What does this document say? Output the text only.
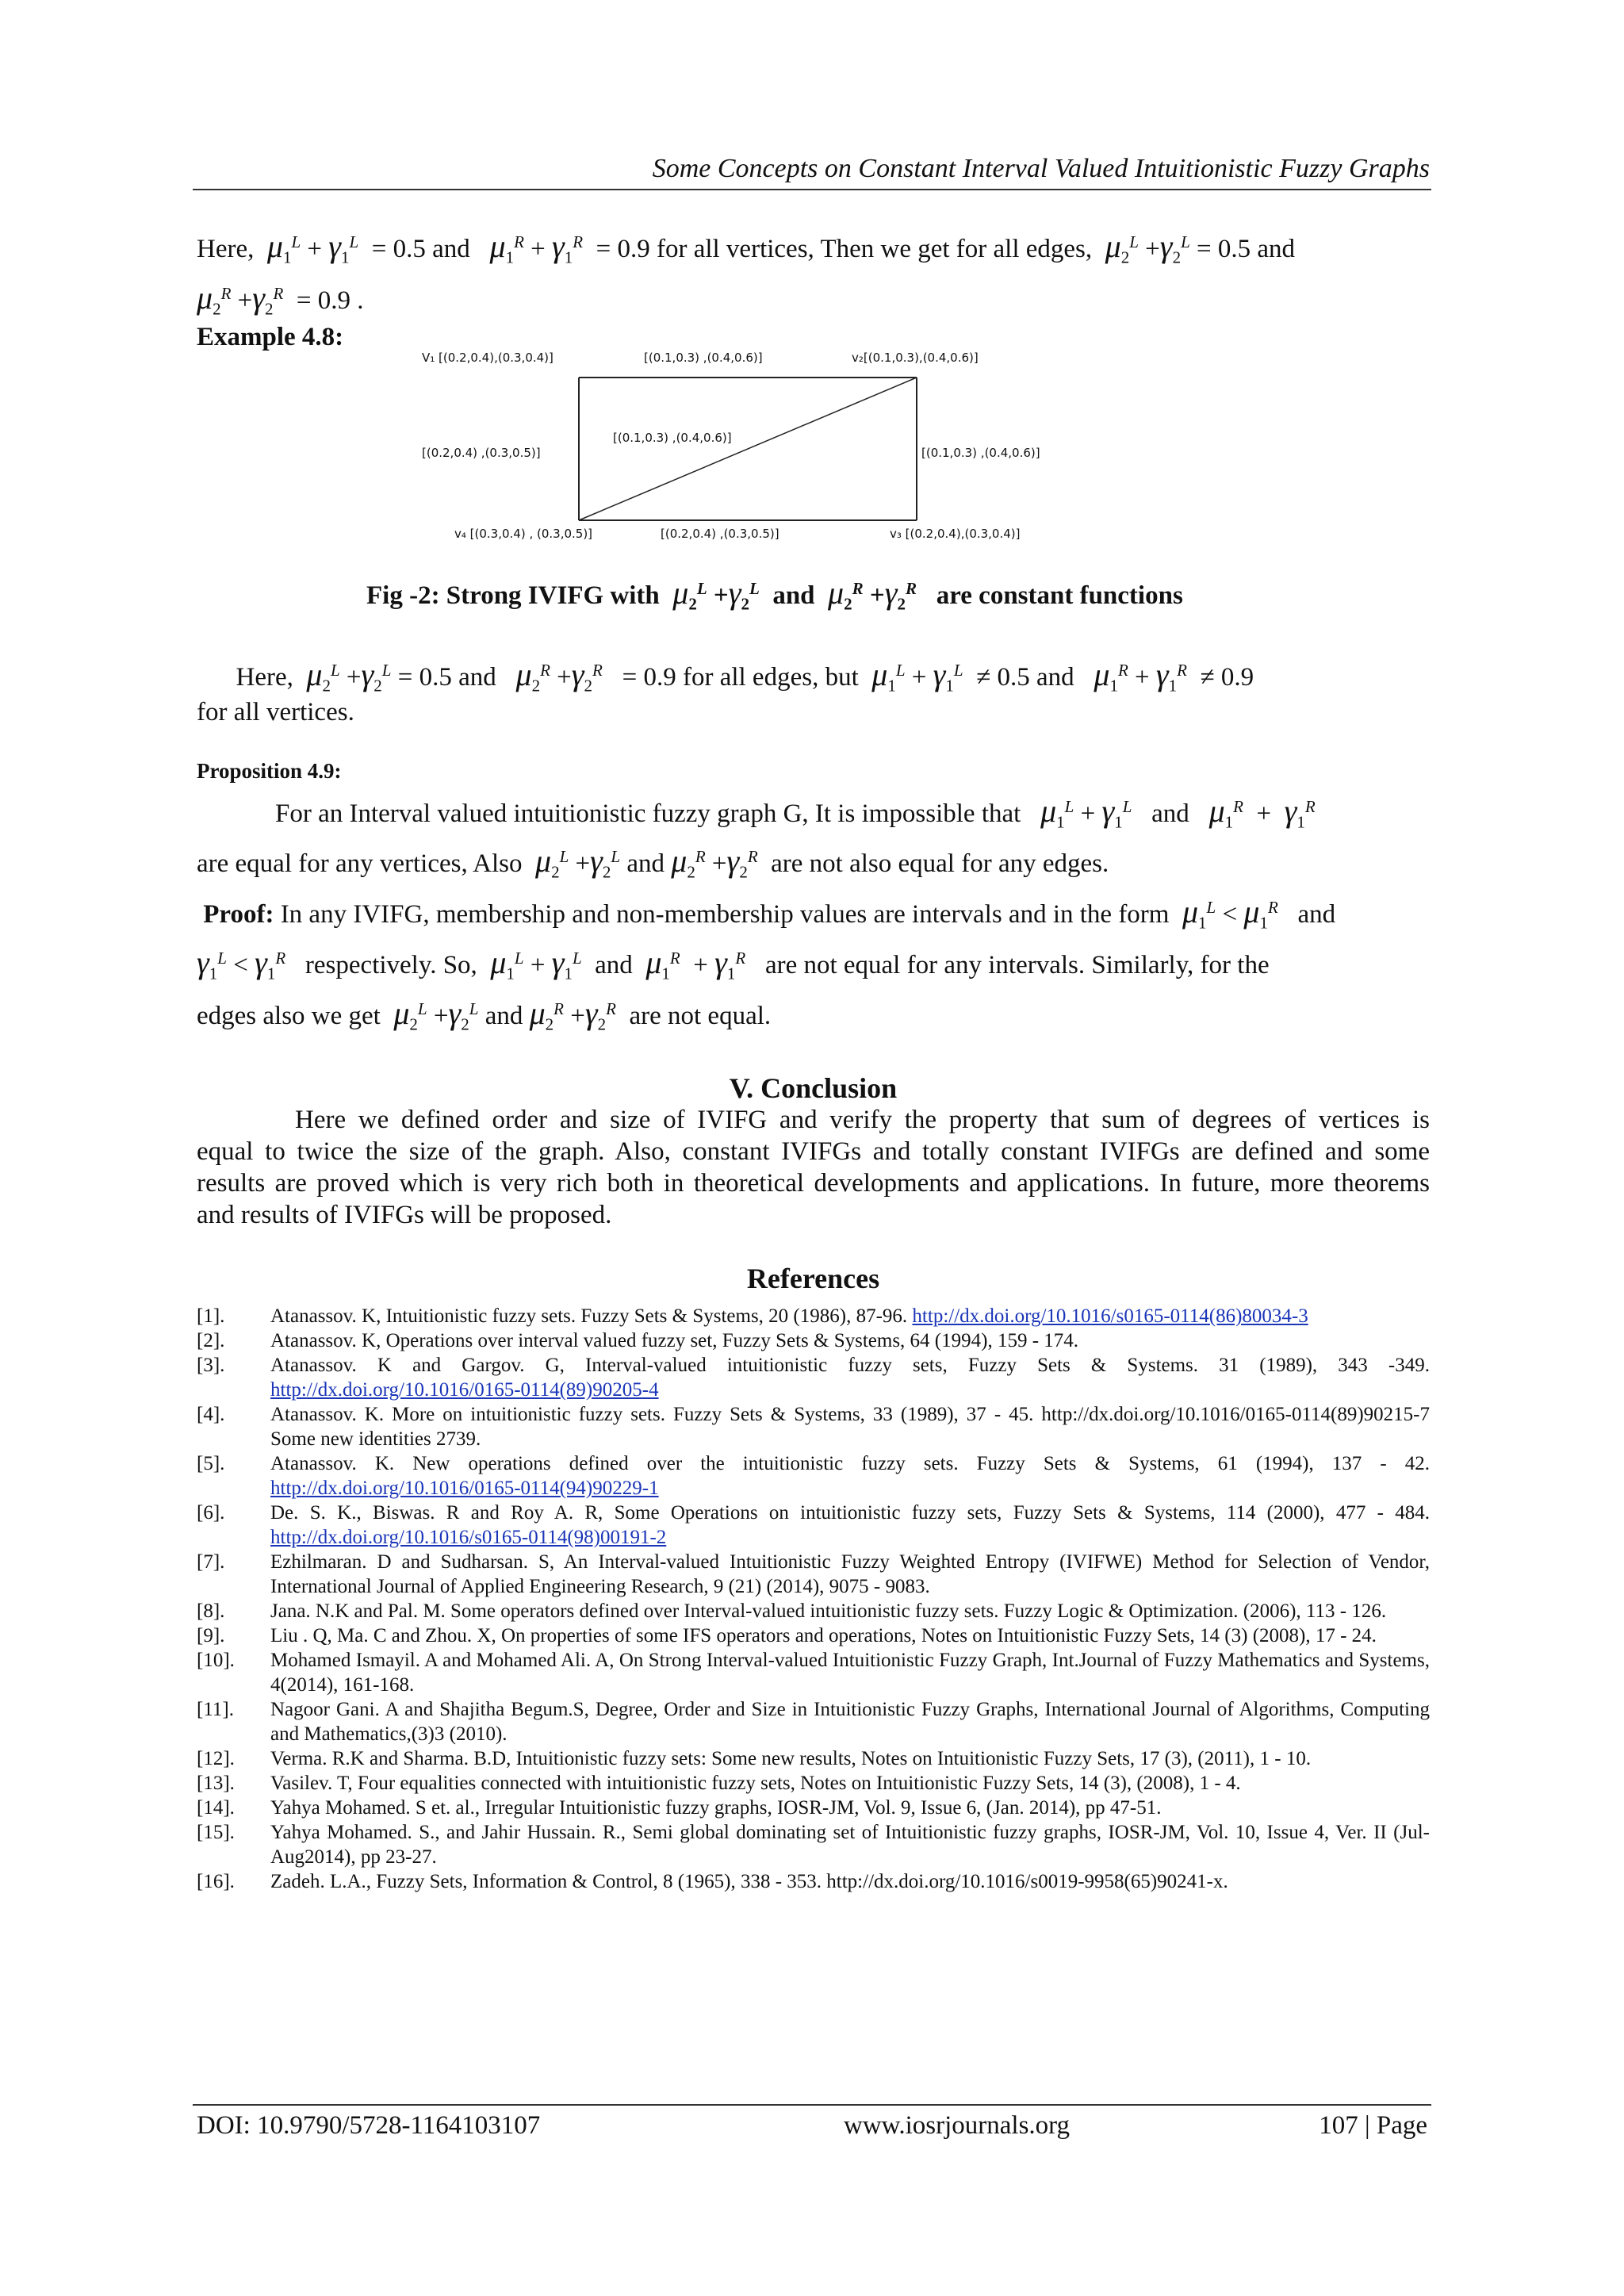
Some Concepts on Constant Interval Valued Intuitionistic Fuzzy Graphs
Here, $\mu_1^L + \gamma_1^L = 0.5$ and $\mu_1^R + \gamma_1^R = 0.9$ for all vertices, Then we get for all edges, $\mu_2^L +\gamma_2^L = 0.5$ and
$\mu_2^R +\gamma_2^R = 0.9$ .
Example 4.8:
V₁ [(0.2,0.4),(0.3,0.4)]	v₂[(0.1,0.3),(0.4,0.6)]
v₃ [(0.2,0.4),(0.3,0.4)]
v₄ [(0.3,0.4) , (0.3,0.5)]
[(0.1,0.3) ,(0.4,0.6)]
[(0.2,0.4) ,(0.3,0.5)]	[(0.1,0.3) ,(0.4,0.6)]
[(0.2,0.4) ,(0.3,0.5)]
[(0.1,0.3) ,(0.4,0.6)]
Fig -2: Strong IVIFG with $\mu_2^L +\gamma_2^L$ and $\mu_2^R +\gamma_2^R$ are constant functions
Here, $\mu_2^L +\gamma_2^L = 0.5$ and $\mu_2^R +\gamma_2^R = 0.9$ for all edges, but $\mu_1^L + \gamma_1^L \ne 0.5$ and $\mu_1^R + \gamma_1^R \ne 0.9$
for all vertices.
Proposition 4.9:
For an Interval valued intuitionistic fuzzy graph G, It is impossible that $\mu_1^L + \gamma_1^L$ and $\mu_1^R + \gamma_1^R$
are equal for any vertices, Also $\mu_2^L +\gamma_2^L$ and $\mu_2^R +\gamma_2^R$ are not also equal for any edges.
Proof: In any IVIFG, membership and non-membership values are intervals and in the form $\mu_1^L < \mu_1^R$ and
$\gamma_1^L < \gamma_1^R$ respectively. So, $\mu_1^L + \gamma_1^L$ and $\mu_1^R + \gamma_1^R$ are not equal for any intervals. Similarly, for the
edges also we get $\mu_2^L +\gamma_2^L$ and $\mu_2^R +\gamma_2^R$ are not equal.
V. Conclusion
Here we defined order and size of IVIFG and verify the property that sum of degrees of vertices is
equal to twice the size of the graph. Also, constant IVIFGs and totally constant IVIFGs are defined and some
results are proved which is very rich both in theoretical developments and applications. In future, more theorems
and results of IVIFGs will be proposed.
References
[1].	Atanassov. K, Intuitionistic fuzzy sets. Fuzzy Sets & Systems, 20 (1986), 87-96. http://dx.doi.org/10.1016/s0165-0114(86)80034-3
[2].	Atanassov. K, Operations over interval valued fuzzy set, Fuzzy Sets & Systems, 64 (1994), 159 - 174.
[3].	Atanassov. K and Gargov. G, Interval-valued intuitionistic fuzzy sets, Fuzzy Sets & Systems. 31 (1989), 343 -349. http://dx.doi.org/10.1016/0165-0114(89)90205-4
[4].	Atanassov. K. More on intuitionistic fuzzy sets. Fuzzy Sets & Systems, 33 (1989), 37 - 45. http://dx.doi.org/10.1016/0165-0114(89)90215-7 Some new identities 2739.
[5].	Atanassov. K. New operations defined over the intuitionistic fuzzy sets. Fuzzy Sets & Systems, 61 (1994), 137 - 42. http://dx.doi.org/10.1016/0165-0114(94)90229-1
[6].	De. S. K., Biswas. R and Roy A. R, Some Operations on intuitionistic fuzzy sets, Fuzzy Sets & Systems, 114 (2000), 477 - 484. http://dx.doi.org/10.1016/s0165-0114(98)00191-2
[7].	Ezhilmaran. D and Sudharsan. S, An Interval-valued Intuitionistic Fuzzy Weighted Entropy (IVIFWE) Method for Selection of Vendor, International Journal of Applied Engineering Research, 9 (21) (2014), 9075 - 9083.
[8].	Jana. N.K and Pal. M. Some operators defined over Interval-valued intuitionistic fuzzy sets. Fuzzy Logic & Optimization. (2006), 113 - 126.
[9].	Liu . Q, Ma. C and Zhou. X, On properties of some IFS operators and operations, Notes on Intuitionistic Fuzzy Sets, 14 (3) (2008), 17 - 24.
[10].	Mohamed Ismayil. A and Mohamed Ali. A, On Strong Interval-valued Intuitionistic Fuzzy Graph, Int.Journal of Fuzzy Mathematics and Systems, 4(2014), 161-168.
[11].	Nagoor Gani. A and Shajitha Begum.S, Degree, Order and Size in Intuitionistic Fuzzy Graphs, International Journal of Algorithms, Computing and Mathematics,(3)3 (2010).
[12].	Verma. R.K and Sharma. B.D, Intuitionistic fuzzy sets: Some new results, Notes on Intuitionistic Fuzzy Sets, 17 (3), (2011), 1 - 10.
[13].	Vasilev. T, Four equalities connected with intuitionistic fuzzy sets, Notes on Intuitionistic Fuzzy Sets, 14 (3), (2008), 1 - 4.
[14].	Yahya Mohamed. S et. al., Irregular Intuitionistic fuzzy graphs, IOSR-JM, Vol. 9, Issue 6, (Jan. 2014), pp 47-51.
[15].	Yahya Mohamed. S., and Jahir Hussain. R., Semi global dominating set of Intuitionistic fuzzy graphs, IOSR-JM, Vol. 10, Issue 4, Ver. II (Jul-Aug2014), pp 23-27.
[16].	Zadeh. L.A., Fuzzy Sets, Information & Control, 8 (1965), 338 - 353. http://dx.doi.org/10.1016/s0019-9958(65)90241-x.
DOI: 10.9790/5728-1164103107	www.iosrjournals.org	107 | Page
